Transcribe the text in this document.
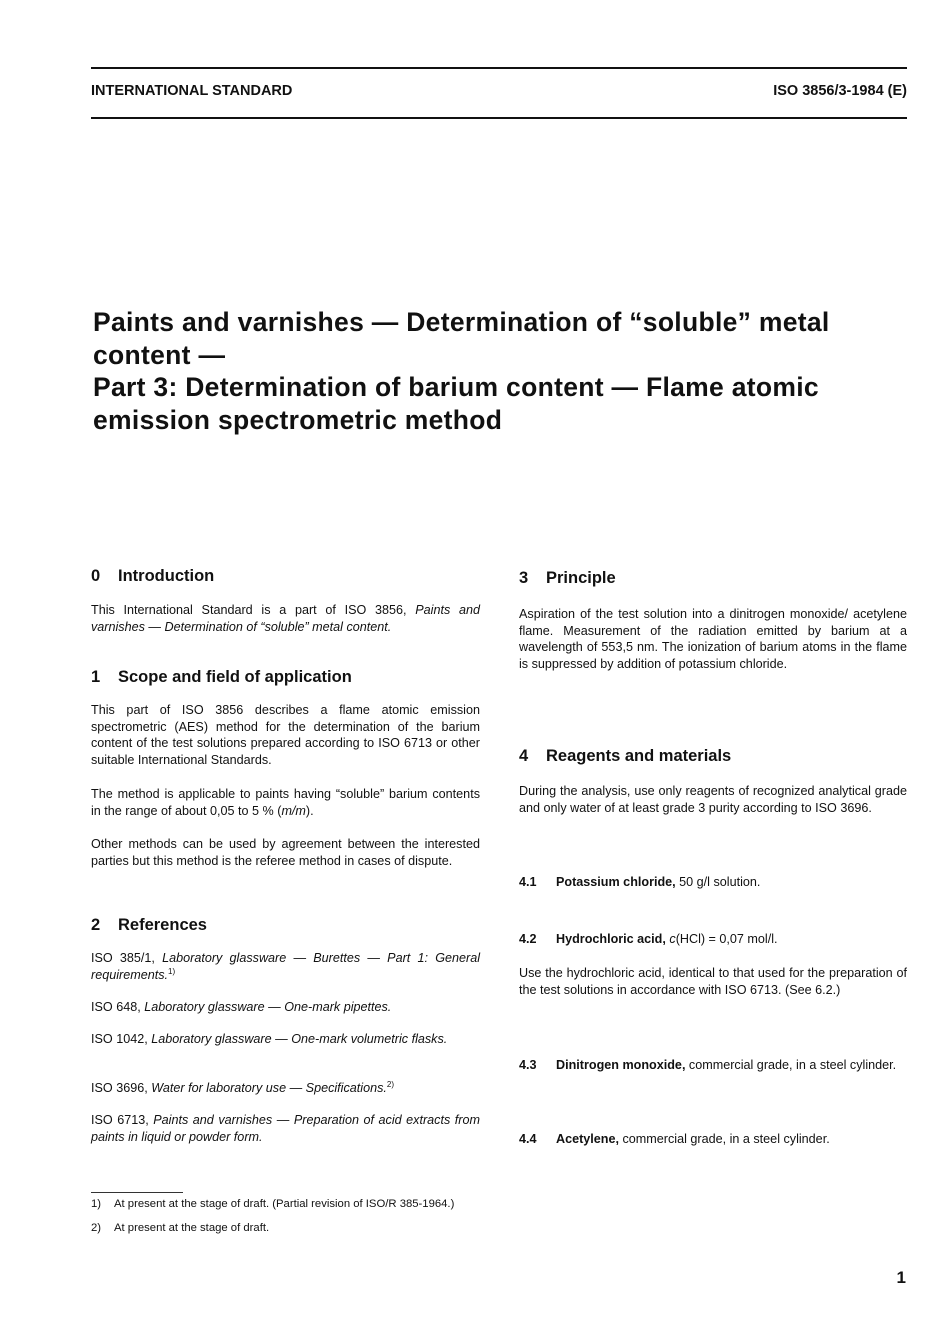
INTERNATIONAL STANDARD	ISO 3856/3-1984 (E)
Paints and varnishes — Determination of “soluble” metal
content —
Part 3: Determination of barium content — Flame atomic
emission spectrometric method
0 Introduction
This International Standard is a part of ISO 3856, Paints and varnishes — Determination of “soluble” metal content.
1 Scope and field of application
This part of ISO 3856 describes a flame atomic emission spectrometric (AES) method for the determination of the barium content of the test solutions prepared according to ISO 6713 or other suitable International Standards.
The method is applicable to paints having “soluble” barium contents in the range of about 0,05 to 5 % (m/m).
Other methods can be used by agreement between the interested parties but this method is the referee method in cases of dispute.
2 References
ISO 385/1, Laboratory glassware — Burettes — Part 1: General requirements.$^{1)}$
ISO 648, Laboratory glassware — One-mark pipettes.
ISO 1042, Laboratory glassware — One-mark volumetric flasks.
ISO 3696, Water for laboratory use — Specifications.$^{2)}$
ISO 6713, Paints and varnishes — Preparation of acid extracts from paints in liquid or powder form.
3 Principle
Aspiration of the test solution into a dinitrogen monoxide/ acetylene flame. Measurement of the radiation emitted by barium at a wavelength of 553,5 nm. The ionization of barium atoms in the flame is suppressed by addition of potassium chloride.
4 Reagents and materials
During the analysis, use only reagents of recognized analytical grade and only water of at least grade 3 purity according to ISO 3696.
4.1 Potassium chloride, 50 g/l solution.
4.2 Hydrochloric acid, c(HCl) = 0,07 mol/l.
Use the hydrochloric acid, identical to that used for the preparation of the test solutions in accordance with ISO 6713. (See 6.2.)
4.3 Dinitrogen monoxide, commercial grade, in a steel cylinder.
4.4 Acetylene, commercial grade, in a steel cylinder.
1) At present at the stage of draft. (Partial revision of ISO/R 385-1964.)
2) At present at the stage of draft.
1
